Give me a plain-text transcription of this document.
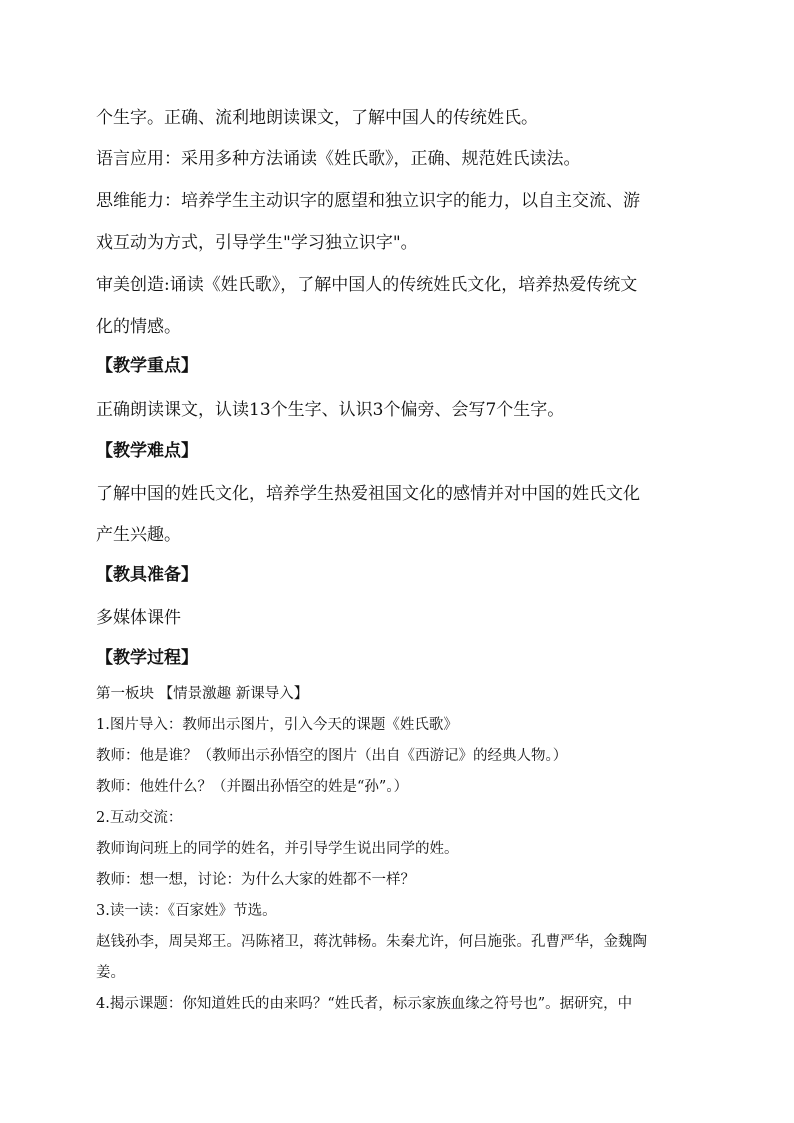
个生字。正确、流利地朗读课文，了解中国人的传统姓氏。
语言应用：采用多种方法诵读《姓氏歌》，正确、规范姓氏读法。
思维能力：培养学生主动识字的愿望和独立识字的能力，以自主交流、游
戏互动为方式，引导学生"学习独立识字"。
审美创造:诵读《姓氏歌》，了解中国人的传统姓氏文化，培养热爱传统文
化的情感。
【教学重点】
正确朗读课文，认读13个生字、认识3个偏旁、会写7个生字。
【教学难点】
了解中国的姓氏文化，培养学生热爱祖国文化的感情并对中国的姓氏文化
产生兴趣。
【教具准备】
多媒体课件
【教学过程】
第一板块 【情景激趣 新课导入】
1.图片导入：教师出示图片，引入今天的课题《姓氏歌》
教师：他是谁？（教师出示孙悟空的图片（出自《西游记》的经典人物。）
教师：他姓什么？（并圈出孙悟空的姓是“孙”。）
2.互动交流：
教师询问班上的同学的姓名，并引导学生说出同学的姓。
教师：想一想，讨论：为什么大家的姓都不一样？
3.读一读：《百家姓》节选。
赵钱孙李，周吴郑王。冯陈褚卫，蒋沈韩杨。朱秦尤许，何吕施张。孔曹严华，金魏陶
姜。
4.揭示课题：你知道姓氏的由来吗？“姓氏者，标示家族血缘之符号也”。据研究，中
